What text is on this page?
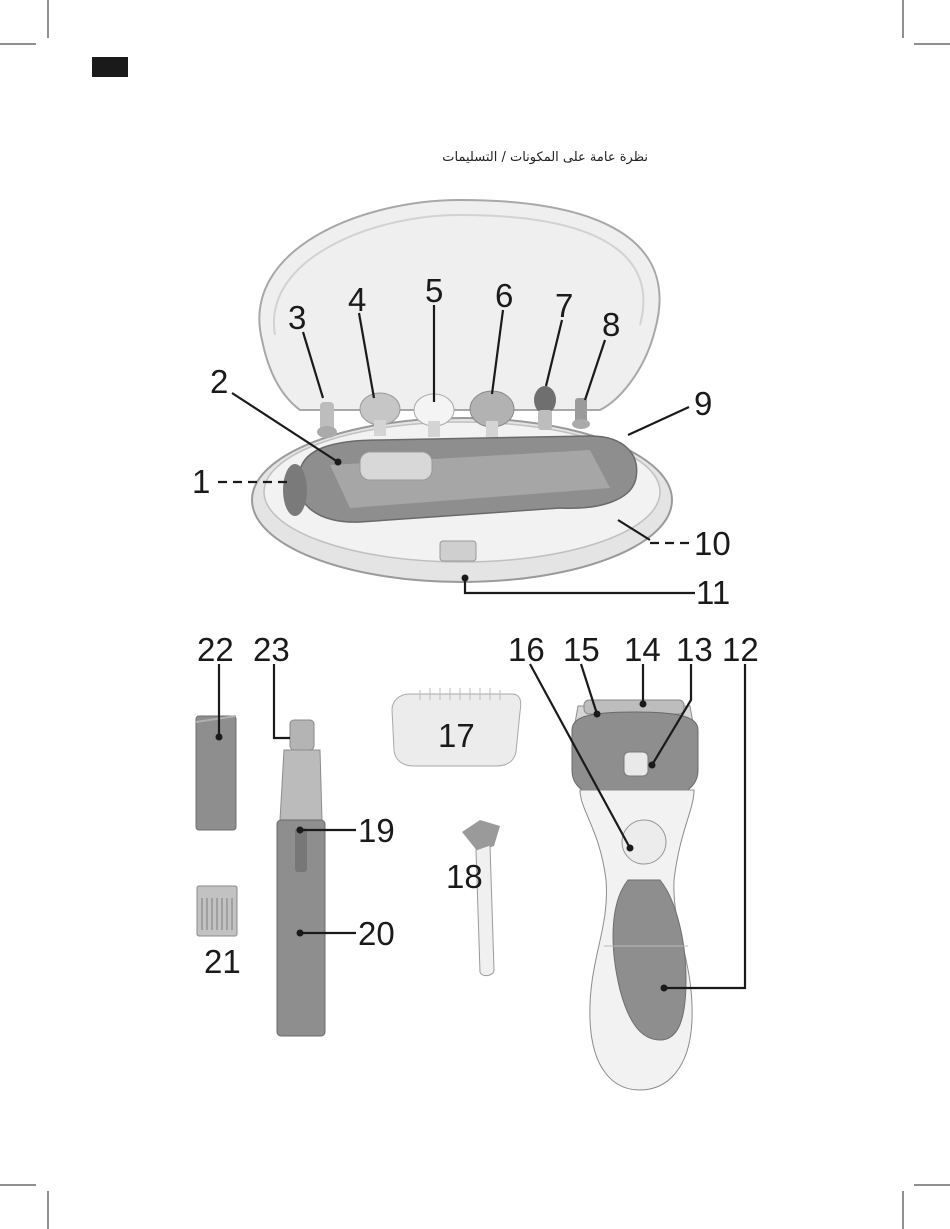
نظرة عامة على المكونات / التسليمات
1
2
3 4 5 6 7
8
9
10
11
12
13
14
15
16
17
18
19
20
21
22 23
